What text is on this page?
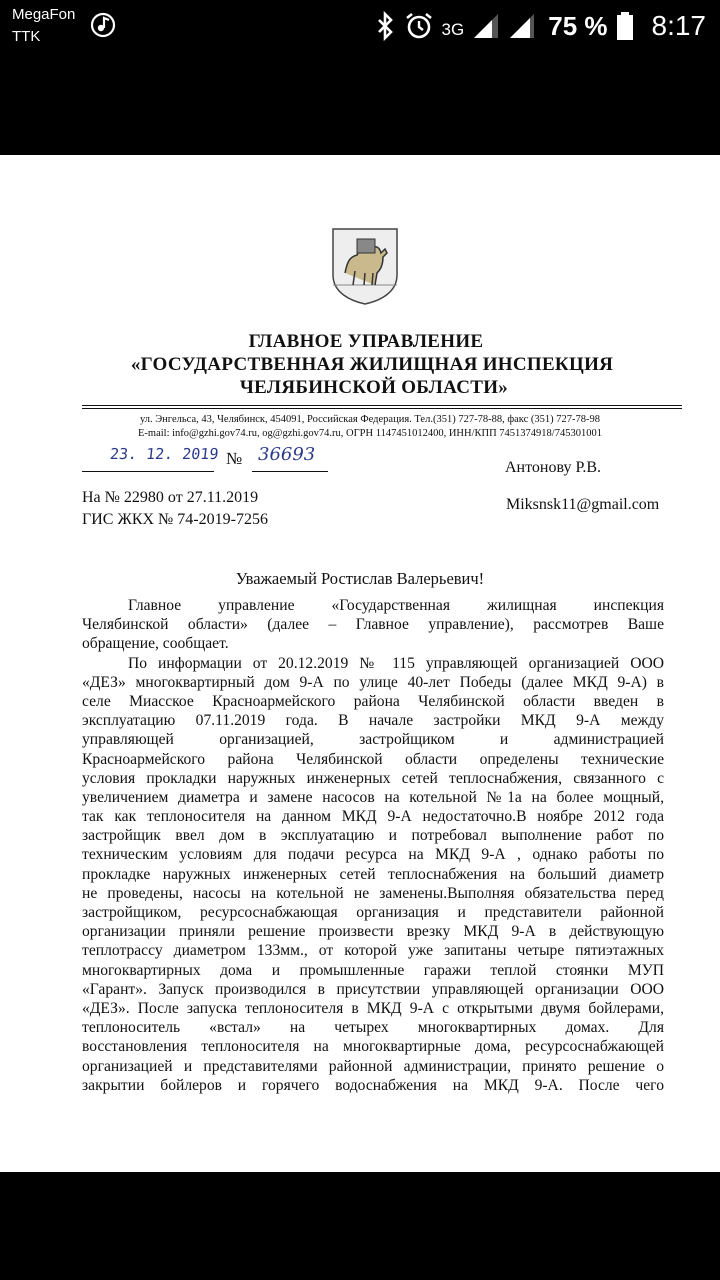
MegaFon
TTK	3G	75 % 8:17
ГЛАВНОЕ УПРАВЛЕНИЕ
«ГОСУДАРСТВЕННАЯ ЖИЛИЩНАЯ ИНСПЕКЦИЯ
ЧЕЛЯБИНСКОЙ ОБЛАСТИ»
ул. Энгельса, 43, Челябинск, 454091, Российская Федерация. Тел.(351) 727-78-88, факс (351) 727-78-98
E-mail: info@gzhi.gov74.ru, og@gzhi.gov74.ru, ОГРН 1147451012400, ИНН/КПП 7451374918/745301001
23. 12. 2019 № 36693
Антонову Р.В.
Miksnsk11@gmail.com
На № 22980 от 27.11.2019
ГИС ЖКХ № 74-2019-7256
Уважаемый Ростислав Валерьевич!
Главное управление «Государственная жилищная инспекция
Челябинской области» (далее – Главное управление), рассмотрев Ваше
обращение, сообщает.
По информации от 20.12.2019 № 115 управляющей организацией ООО
«ДЕЗ» многоквартирный дом 9-А по улице 40-лет Победы (далее МКД 9-А) в
селе Миасское Красноармейского района Челябинской области введен в
эксплуатацию 07.11.2019 года. В начале застройки МКД 9-А между
управляющей организацией, застройщиком и администрацией
Красноармейского района Челябинской области определены технические
условия прокладки наружных инженерных сетей теплоснабжения, связанного с
увеличением диаметра и замене насосов на котельной №1а на более мощный,
так как теплоносителя на данном МКД 9-А недостаточно.В ноябре 2012 года
застройщик ввел дом в эксплуатацию и потребовал выполнение работ по
техническим условиям для подачи ресурса на МКД 9-А , однако работы по
прокладке наружных инженерных сетей теплоснабжения на больший диаметр
не проведены, насосы на котельной не заменены.Выполняя обязательства перед
застройщиком, ресурсоснабжающая организация и представители районной
организации приняли решение произвести врезку МКД 9-А в действующую
теплотрассу диаметром 133мм., от которой уже запитаны четыре пятиэтажных
многоквартирных дома и промышленные гаражи теплой стоянки МУП
«Гарант». Запуск производился в присутствии управляющей организации ООО
«ДЕЗ». После запуска теплоносителя в МКД 9-А с открытыми двумя бойлерами,
теплоноситель «встал» на четырех многоквартирных домах. Для
восстановления теплоносителя на многоквартирные дома, ресурсоснабжающей
организацией и представителями районной администрации, принято решение о
закрытии бойлеров и горячего водоснабжения на МКД 9-А. После чего
